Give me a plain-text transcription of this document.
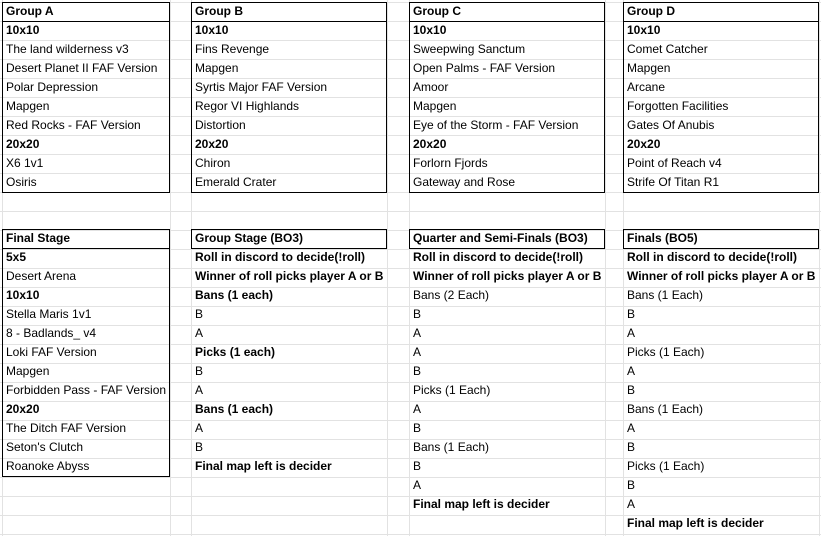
Group A
10x10
The land wilderness v3
Desert Planet II FAF Version
Polar Depression
Mapgen
Red Rocks - FAF Version
20x20
X6 1v1
Osiris
Group B
10x10
Fins Revenge
Mapgen
Syrtis Major FAF Version
Regor VI Highlands
Distortion
20x20
Chiron
Emerald Crater
Group C
10x10
Sweepwing Sanctum
Open Palms - FAF Version
Amoor
Mapgen
Eye of the Storm - FAF Version
20x20
Forlorn Fjords
Gateway and Rose
Group D
10x10
Comet Catcher
Mapgen
Arcane
Forgotten Facilities
Gates Of Anubis
20x20
Point of Reach v4
Strife Of Titan R1
Final Stage
5x5
Desert Arena
10x10
Stella Maris 1v1
8 - Badlands_ v4
Loki FAF Version
Mapgen
Forbidden Pass - FAF Version
20x20
The Ditch FAF Version
Seton's Clutch
Roanoke Abyss
Group Stage (BO3)
Roll in discord to decide(!roll)
Winner of roll picks player A or B
Bans (1 each)
B
A
Picks (1 each)
B
A
Bans (1 each)
A
B
Final map left is decider
Quarter and Semi-Finals (BO3)
Roll in discord to decide(!roll)
Winner of roll picks player A or B
Bans (2 Each)
B
A
A
B
Picks (1 Each)
A
B
Bans (1 Each)
B
A
Final map left is decider
Finals (BO5)
Roll in discord to decide(!roll)
Winner of roll picks player A or B
Bans (1 Each)
B
A
Picks (1 Each)
A
B
Bans (1 Each)
A
B
Picks (1 Each)
B
A
Final map left is decider
